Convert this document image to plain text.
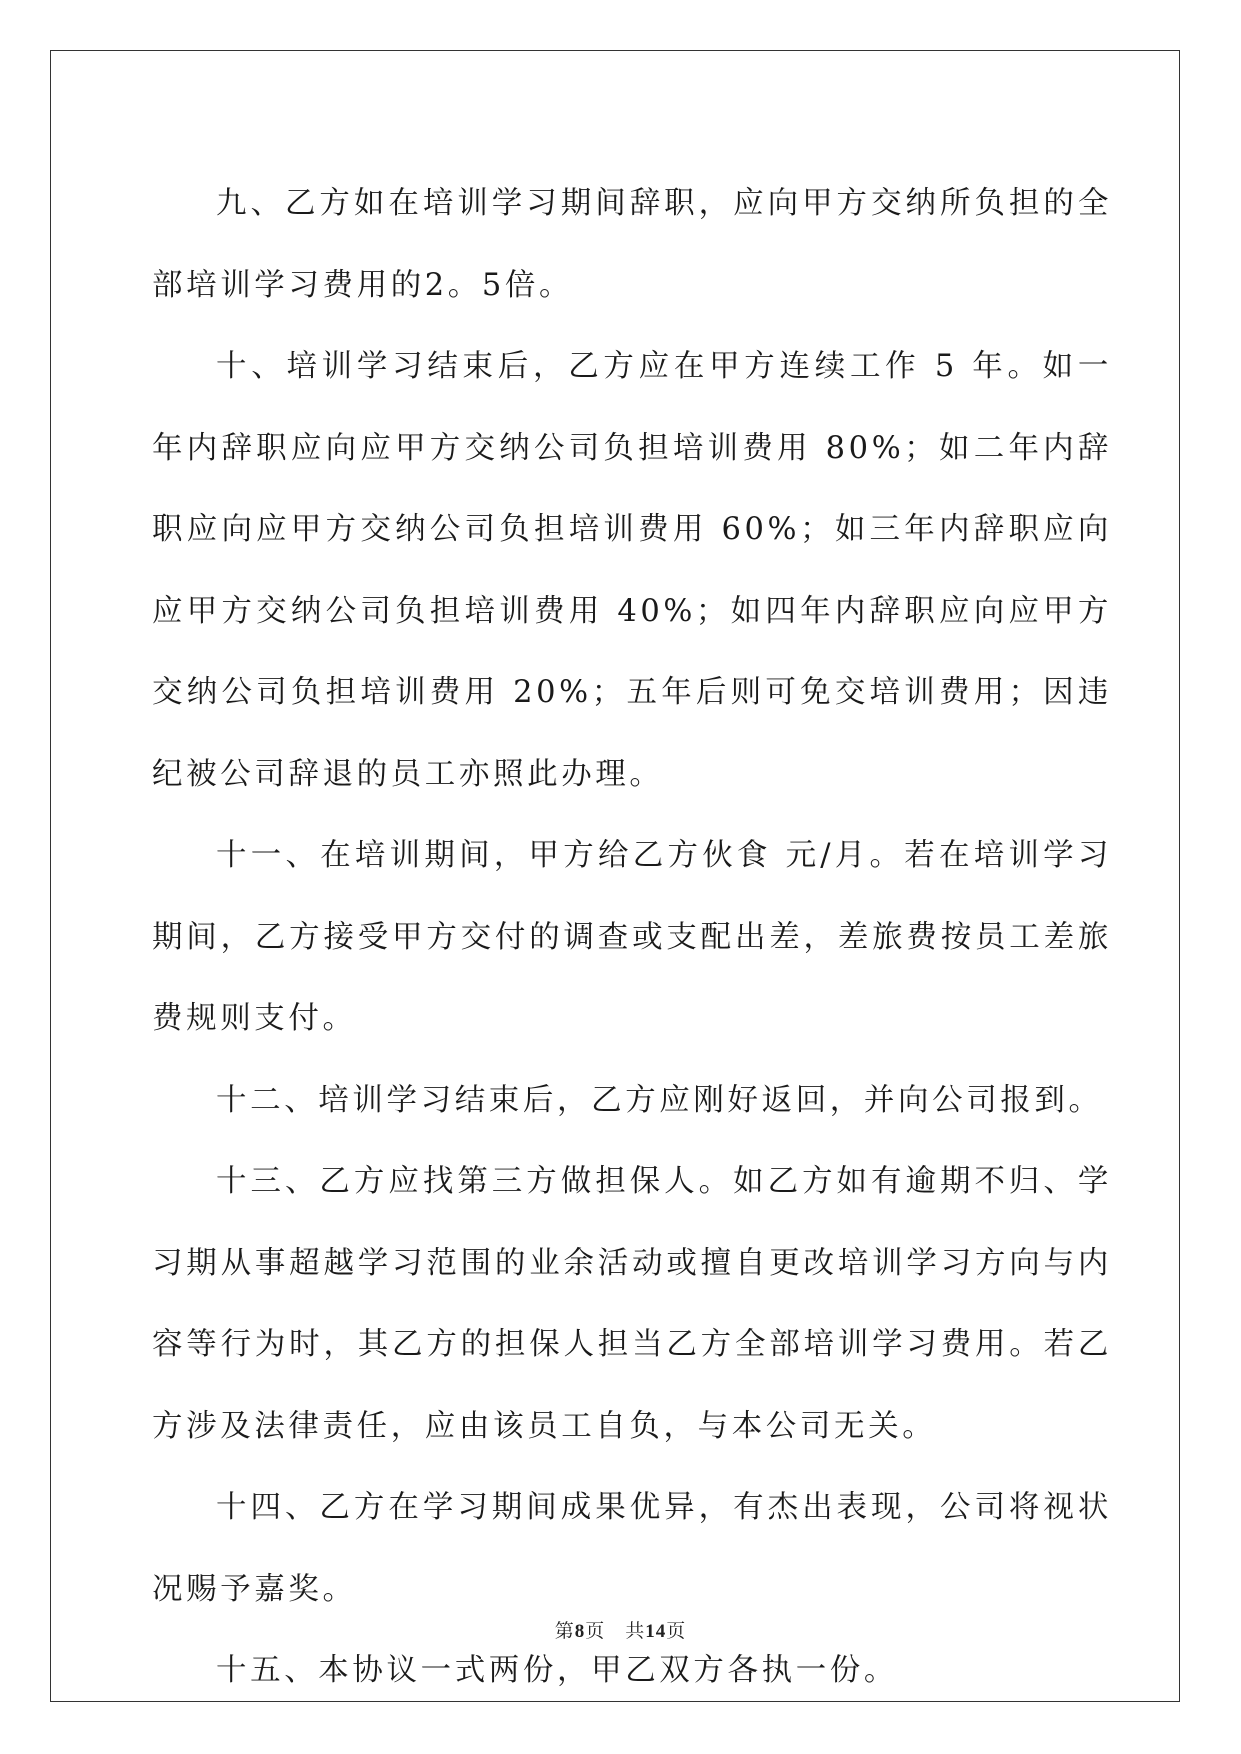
九、乙方如在培训学习期间辞职，应向甲方交纳所负担的全部培训学习费用的2。5倍。

十、培训学习结束后，乙方应在甲方连续工作 5 年。如一年内辞职应向应甲方交纳公司负担培训费用 80%；如二年内辞职应向应甲方交纳公司负担培训费用 60%；如三年内辞职应向应甲方交纳公司负担培训费用 40%；如四年内辞职应向应甲方交纳公司负担培训费用 20%；五年后则可免交培训费用；因违纪被公司辞退的员工亦照此办理。

十一、在培训期间，甲方给乙方伙食 元/月。若在培训学习期间，乙方接受甲方交付的调查或支配出差，差旅费按员工差旅费规则支付。

十二、培训学习结束后，乙方应刚好返回，并向公司报到。

十三、乙方应找第三方做担保人。如乙方如有逾期不归、学习期从事超越学习范围的业余活动或擅自更改培训学习方向与内容等行为时，其乙方的担保人担当乙方全部培训学习费用。若乙方涉及法律责任，应由该员工自负，与本公司无关。

十四、乙方在学习期间成果优异，有杰出表现，公司将视状况赐予嘉奖。

十五、本协议一式两份，甲乙双方各执一份。

第8页 共14页
